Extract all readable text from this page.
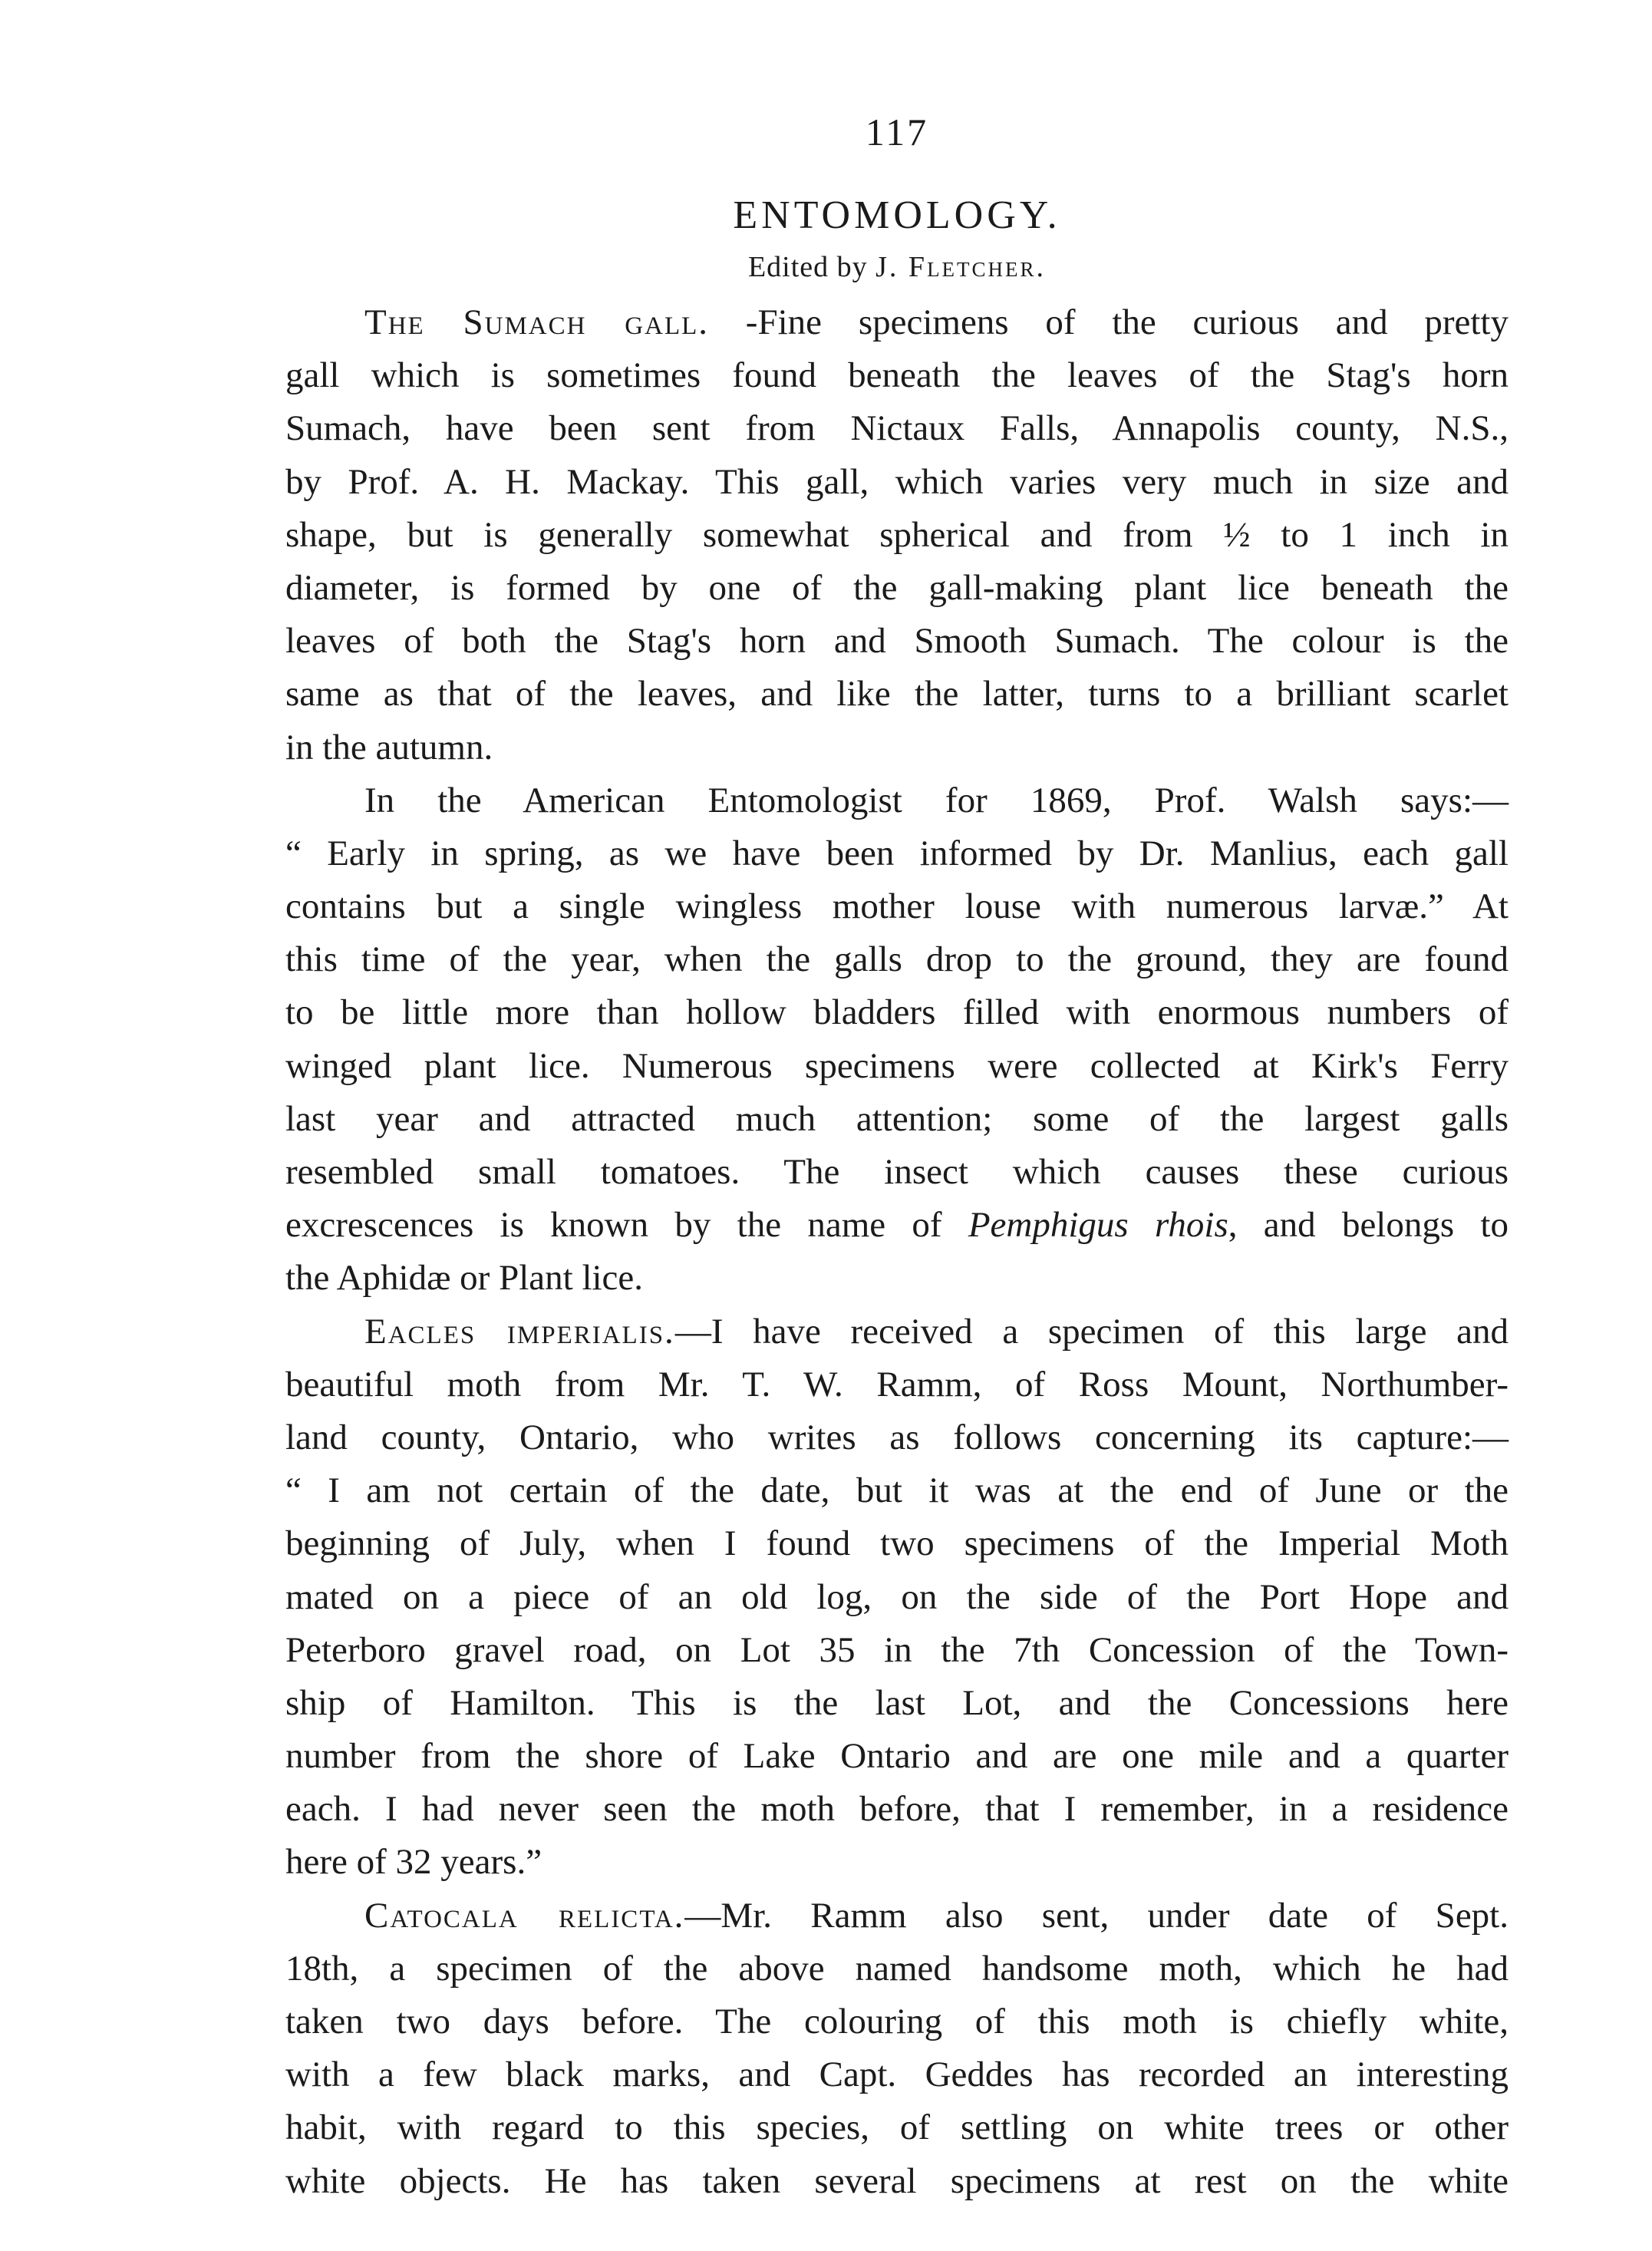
117
ENTOMOLOGY.
Edited by J. Fletcher.
The Sumach gall. -Fine specimens of the curious and pretty
gall which is sometimes found beneath the leaves of the Stag's horn
Sumach, have been sent from Nictaux Falls, Annapolis county, N.S.,
by Prof. A. H. Mackay. This gall, which varies very much in size and
shape, but is generally somewhat spherical and from ½ to 1 inch in
diameter, is formed by one of the gall-making plant lice beneath the
leaves of both the Stag's horn and Smooth Sumach. The colour is the
same as that of the leaves, and like the latter, turns to a brilliant scarlet
in the autumn.
In the American Entomologist for 1869, Prof. Walsh says:—
“ Early in spring, as we have been informed by Dr. Manlius, each gall
contains but a single wingless mother louse with numerous larvæ.” At
this time of the year, when the galls drop to the ground, they are found
to be little more than hollow bladders filled with enormous numbers of
winged plant lice. Numerous specimens were collected at Kirk's Ferry
last year and attracted much attention; some of the largest galls
resembled small tomatoes. The insect which causes these curious
excrescences is known by the name of Pemphigus rhois, and belongs to
the Aphidæ or Plant lice.
Eacles imperialis.—I have received a specimen of this large and
beautiful moth from Mr. T. W. Ramm, of Ross Mount, Northumber-
land county, Ontario, who writes as follows concerning its capture:—
“ I am not certain of the date, but it was at the end of June or the
beginning of July, when I found two specimens of the Imperial Moth
mated on a piece of an old log, on the side of the Port Hope and
Peterboro gravel road, on Lot 35 in the 7th Concession of the Town-
ship of Hamilton. This is the last Lot, and the Concessions here
number from the shore of Lake Ontario and are one mile and a quarter
each. I had never seen the moth before, that I remember, in a residence
here of 32 years.”
Catocala relicta.—Mr. Ramm also sent, under date of Sept.
18th, a specimen of the above named handsome moth, which he had
taken two days before. The colouring of this moth is chiefly white,
with a few black marks, and Capt. Geddes has recorded an interesting
habit, with regard to this species, of settling on white trees or other
white objects. He has taken several specimens at rest on the white
